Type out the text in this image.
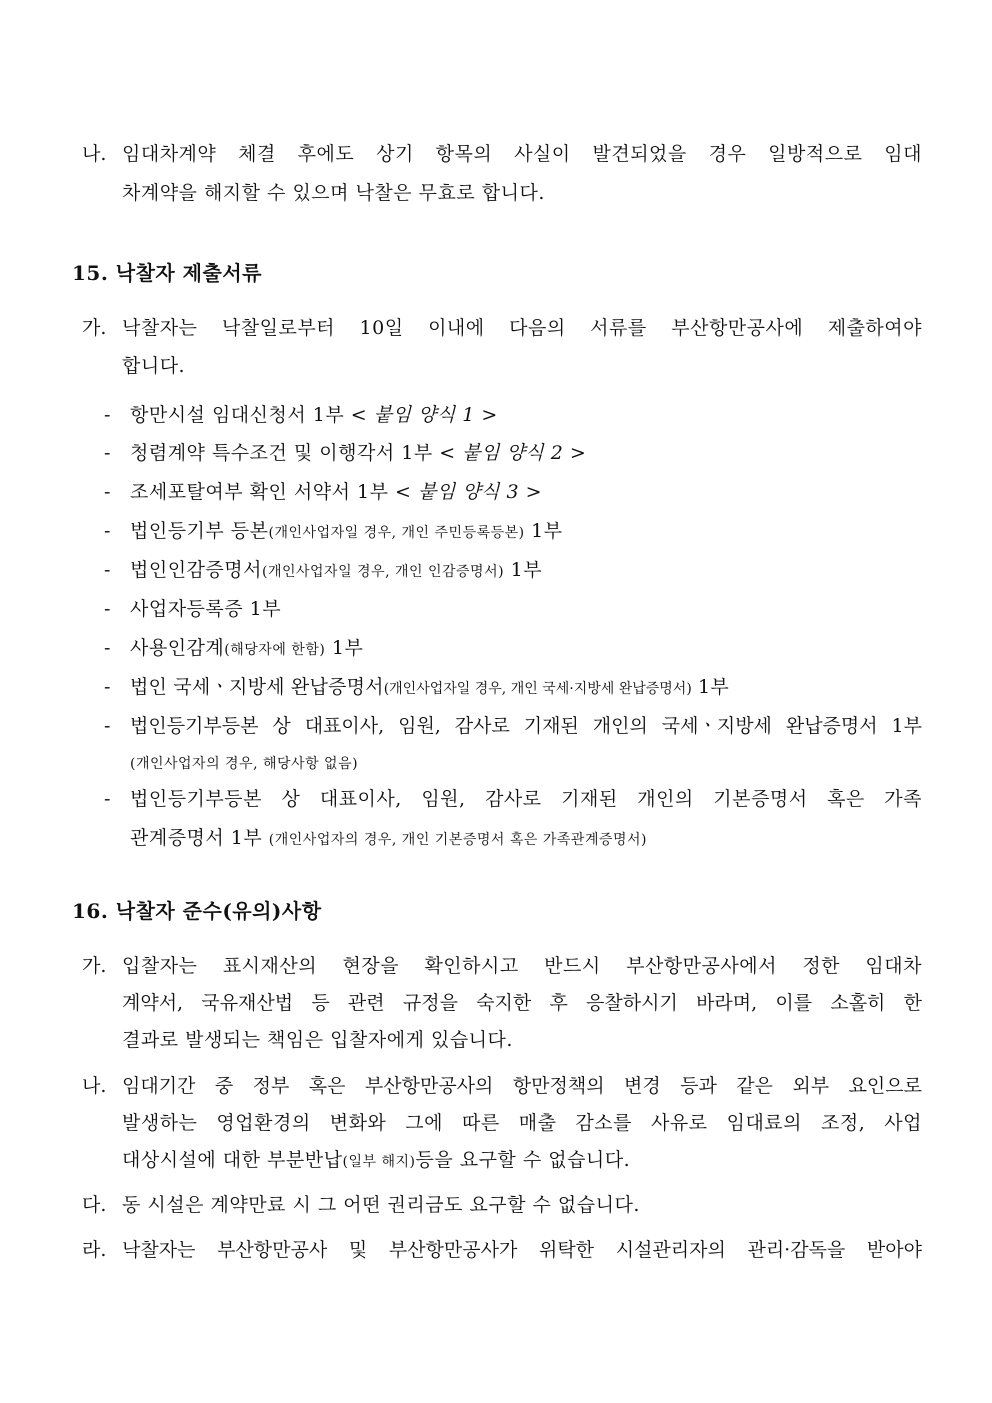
나. 임대차계약 체결 후에도 상기 항목의 사실이 발견되었을 경우 일방적으로 임대
차계약을 해지할 수 있으며 낙찰은 무효로 합니다.
15. 낙찰자 제출서류
가. 낙찰자는 낙찰일로부터 10일 이내에 다음의 서류를 부산항만공사에 제출하여야
합니다.
- 항만시설 임대신청서 1부 < 붙임 양식 1 >
- 청렴계약 특수조건 및 이행각서 1부 < 붙임 양식 2 >
- 조세포탈여부 확인 서약서 1부 < 붙임 양식 3 >
- 법인등기부 등본(개인사업자일 경우, 개인 주민등록등본) 1부
- 법인인감증명서(개인사업자일 경우, 개인 인감증명서) 1부
- 사업자등록증 1부
- 사용인감계(해당자에 한함) 1부
- 법인 국세ㆍ지방세 완납증명서(개인사업자일 경우, 개인 국세·지방세 완납증명서) 1부
- 법인등기부등본 상 대표이사, 임원, 감사로 기재된 개인의 국세ㆍ지방세 완납증명서 1부
(개인사업자의 경우, 해당사항 없음)
- 법인등기부등본 상 대표이사, 임원, 감사로 기재된 개인의 기본증명서 혹은 가족
관계증명서 1부 (개인사업자의 경우, 개인 기본증명서 혹은 가족관계증명서)
16. 낙찰자 준수(유의)사항
가. 입찰자는 표시재산의 현장을 확인하시고 반드시 부산항만공사에서 정한 임대차
계약서, 국유재산법 등 관련 규정을 숙지한 후 응찰하시기 바라며, 이를 소홀히 한
결과로 발생되는 책임은 입찰자에게 있습니다.
나. 임대기간 중 정부 혹은 부산항만공사의 항만정책의 변경 등과 같은 외부 요인으로
발생하는 영업환경의 변화와 그에 따른 매출 감소를 사유로 임대료의 조정, 사업
대상시설에 대한 부분반납(일부 해지)등을 요구할 수 없습니다.
다. 동 시설은 계약만료 시 그 어떤 권리금도 요구할 수 없습니다.
라. 낙찰자는 부산항만공사 및 부산항만공사가 위탁한 시설관리자의 관리·감독을 받아야
